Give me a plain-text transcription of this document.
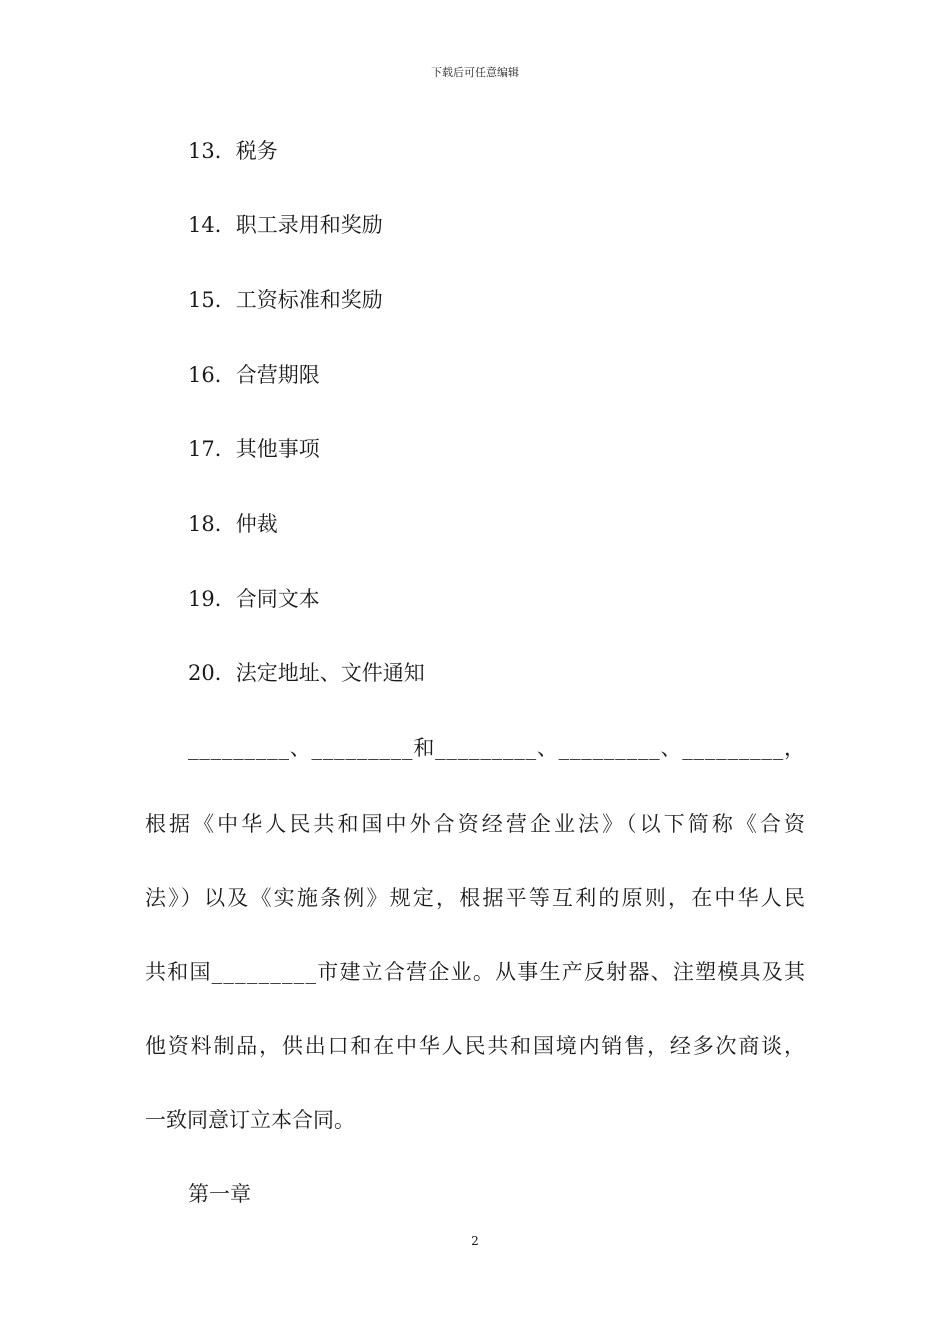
下载后可任意编辑
13．税务
14．职工录用和奖励
15．工资标准和奖励
16．合营期限
17．其他事项
18．仲裁
19．合同文本
20．法定地址、文件通知
_________、_________和_________、_________、_________，
根据《中华人民共和国中外合资经营企业法》（以下简称《合资
法》）以及《实施条例》规定，根据平等互利的原则，在中华人民
共和国_________市建立合营企业。从事生产反射器、注塑模具及其
他资料制品，供出口和在中华人民共和国境内销售，经多次商谈，
一致同意订立本合同。
第一章
2
